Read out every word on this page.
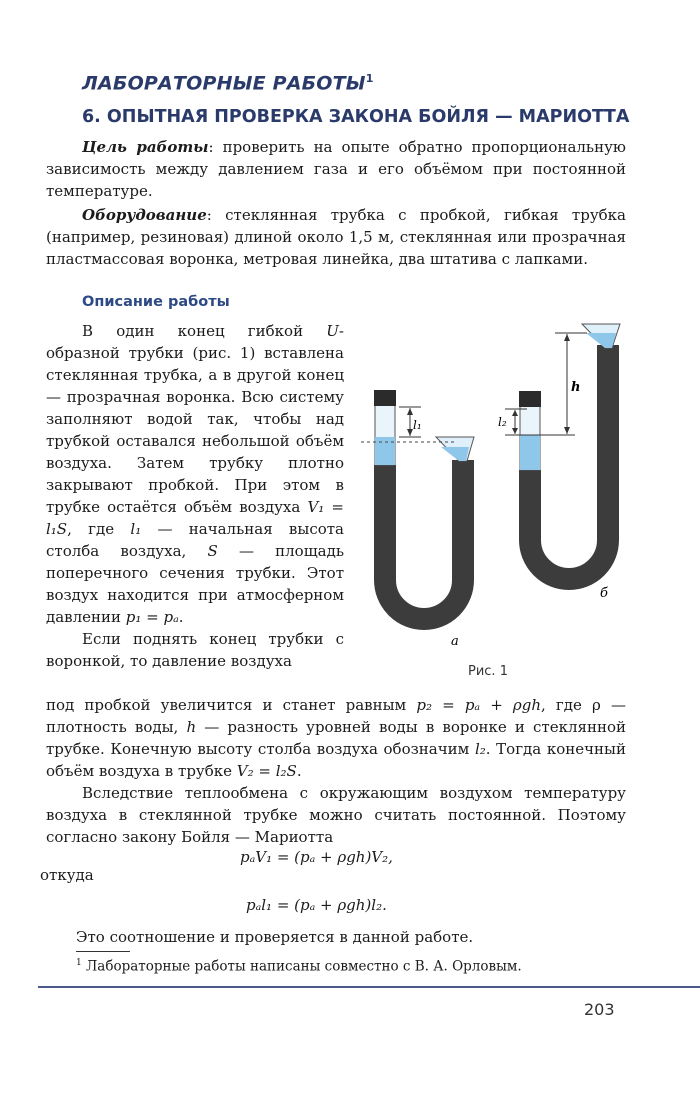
ЛАБОРАТОРНЫЕ РАБОТЫ$^1$
6. ОПЫТНАЯ ПРОВЕРКА ЗАКОНА БОЙЛЯ — МАРИОТТА

Цель работы: проверить на опыте обратно пропорциональную зависимость между давлением газа и его объёмом при постоянной температуре.

Оборудование: стеклянная трубка с пробкой, гибкая трубка (например, резиновая) длиной около 1,5 м, стеклянная или прозрачная пластмассовая воронка, метровая линейка, два штатива с лапками.

Описание работы

В один конец гибкой U-образной трубки (рис. 1) вставлена стеклянная трубка, а в другой конец — прозрачная воронка. Всю систему заполняют водой так, чтобы над трубкой оставался небольшой объём воздуха. Затем трубку плотно закрывают пробкой. При этом в трубке остаётся объём воздуха V₁ = l₁S, где l₁ — начальная высота столба воздуха, S — площадь поперечного сечения трубки. Этот воздух находится при атмосферном давлении p₁ = pₐ.

Если поднять конец трубки с воронкой, то давление воздуха

под пробкой увеличится и станет равным p₂ = pₐ + ρgh, где ρ — плотность воды, h — разность уровней воды в воронке и стеклянной трубке. Конечную высоту столба воздуха обозначим l₂. Тогда конечный объём воздуха в трубке V₂ = l₂S.

Вследствие теплообмена с окружающим воздухом температуру воздуха в стеклянной трубке можно считать постоянной. Поэтому согласно закону Бойля — Мариотта

pₐV₁ = (pₐ + ρgh)V₂,
откуда
pₐl₁ = (pₐ + ρgh)l₂.
Это соотношение и проверяется в данной работе.
l₁
а
l₂
h
б
Рис. 1
$^1$ Лабораторные работы написаны совместно с В. А. Орловым.
203
